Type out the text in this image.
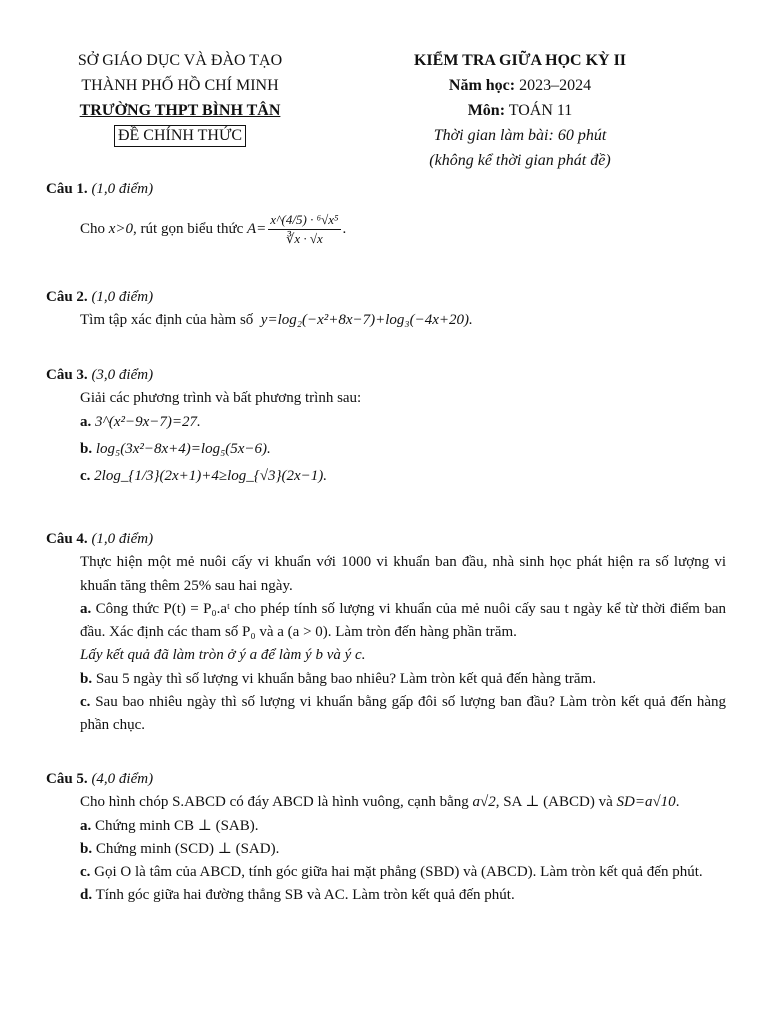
SỞ GIÁO DỤC VÀ ĐÀO TẠO
THÀNH PHỐ HỒ CHÍ MINH
TRƯỜNG THPT BÌNH TÂN
ĐỀ CHÍNH THỨC
KIỂM TRA GIỮA HỌC KỲ II
Năm học: 2023–2024
Môn: TOÁN 11
Thời gian làm bài: 60 phút
(không kể thời gian phát đề)
Câu 1. (1,0 điểm)
Cho x>0, rút gọn biểu thức $A= \frac{\text{x\textasciicircum{}(4/5) · ⁶√x⁵}}{∛x \cdot √x}$ .
Câu 2. (1,0 điểm)
Tìm tập xác định của hàm số y=log₂(−x²+8x−7)+log₃(−4x+20).
Câu 3. (3,0 điểm)
Giải các phương trình và bất phương trình sau:
a. 3^(x²−9x−7)=27.
b. log₅(3x²−8x+4)=log₅(5x−6).
c. 2log_{1/3}(2x+1)+4≥log_{√3}(2x−1).
Câu 4. (1,0 điểm)
Thực hiện một mẻ nuôi cấy vi khuẩn với 1000 vi khuẩn ban đầu, nhà sinh học phát hiện ra số lượng vi khuẩn tăng thêm 25% sau hai ngày.
a. Công thức P(t) = P₀.aᵗ cho phép tính số lượng vi khuẩn của mẻ nuôi cấy sau t ngày kể từ thời điểm ban đầu. Xác định các tham số P₀ và a (a > 0). Làm tròn đến hàng phần trăm.
Lấy kết quả đã làm tròn ở ý a để làm ý b và ý c.
b. Sau 5 ngày thì số lượng vi khuẩn bằng bao nhiêu? Làm tròn kết quả đến hàng trăm.
c. Sau bao nhiêu ngày thì số lượng vi khuẩn bằng gấp đôi số lượng ban đầu? Làm tròn kết quả đến hàng phần chục.
Câu 5. (4,0 điểm)
Cho hình chóp S.ABCD có đáy ABCD là hình vuông, cạnh bằng a√2, SA ⊥ (ABCD) và SD=a√10.
a. Chứng minh CB ⊥ (SAB).
b. Chứng minh (SCD) ⊥ (SAD).
c. Gọi O là tâm của ABCD, tính góc giữa hai mặt phẳng (SBD) và (ABCD). Làm tròn kết quả đến phút.
d. Tính góc giữa hai đường thẳng SB và AC. Làm tròn kết quả đến phút.
